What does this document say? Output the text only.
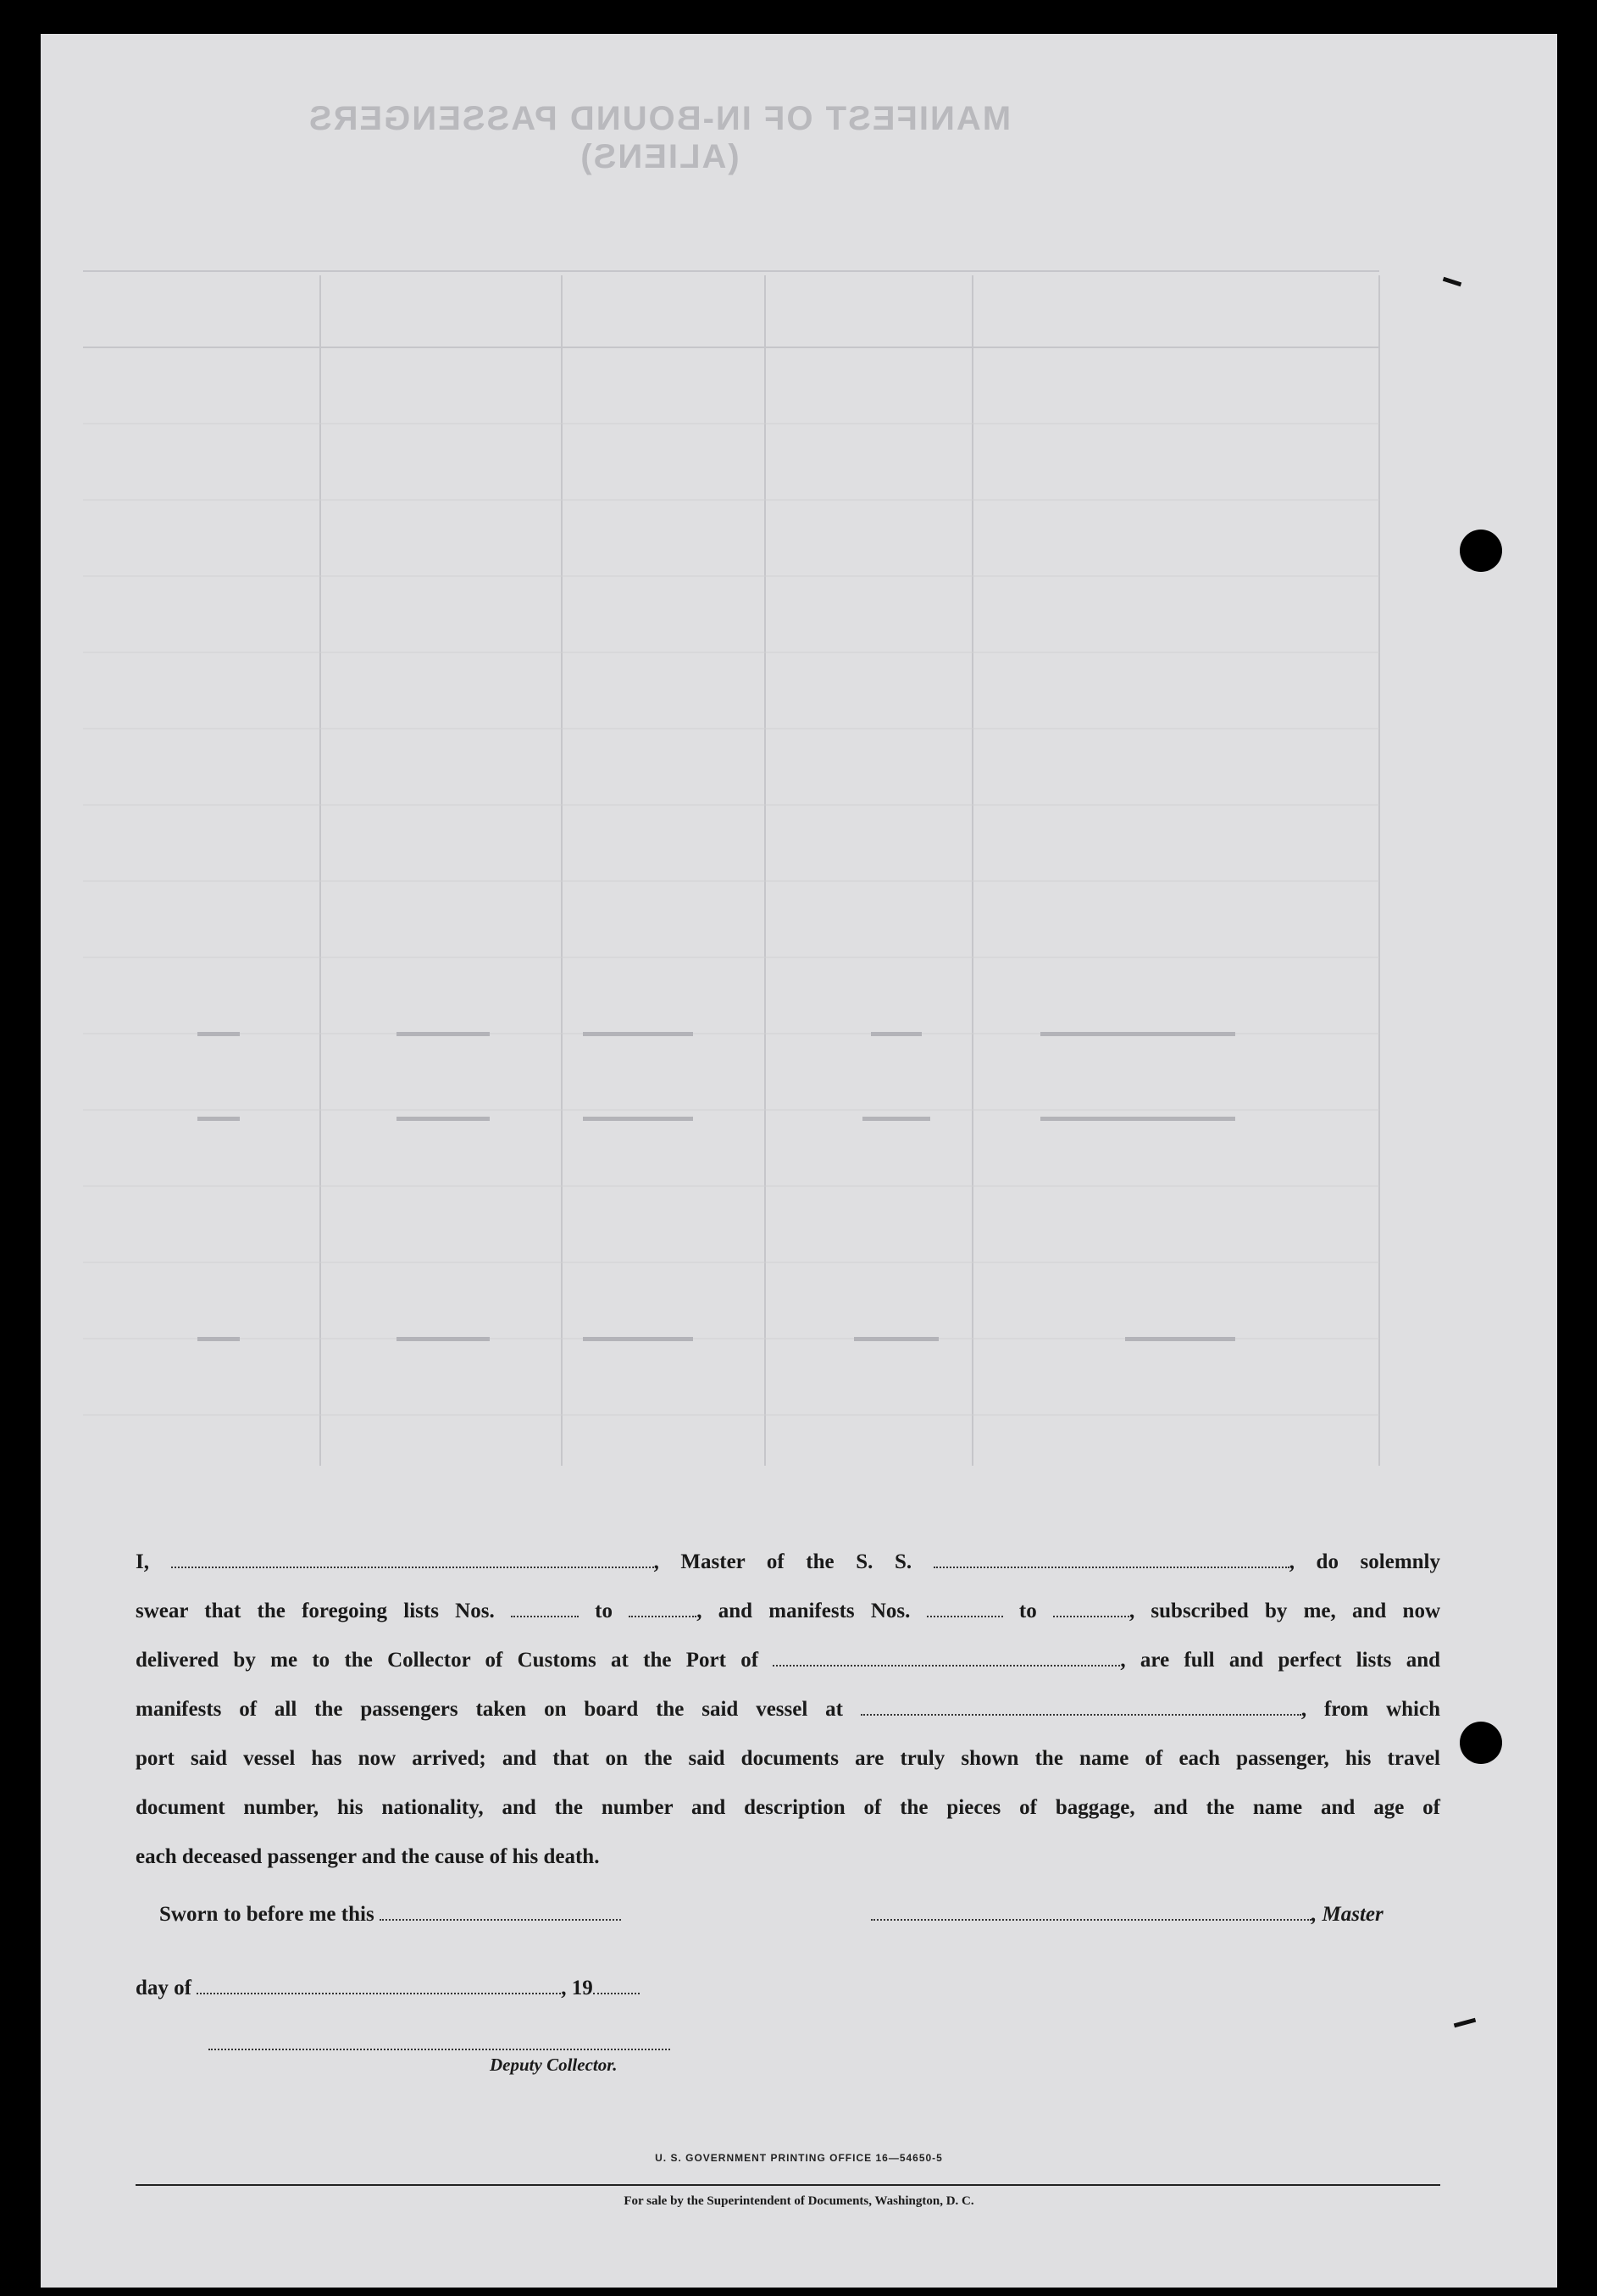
MANIFEST OF IN-BOUND PASSENGERS (ALIENS)

I,	, Master of the S. S.	, do solemnly

swear that the foregoing lists Nos.	to	, and manifests Nos.	to	, subscribed by me, and now

delivered by me to the Collector of Customs at the Port of	, are full and perfect lists and

manifests of all the passengers taken on board the said vessel at	, from which

port said vessel has now arrived; and that on the said documents are truly shown the name of each passenger, his travel

document number, his nationality, and the number and description of the pieces of baggage, and the name and age of

each deceased passenger and the cause of his death.

Sworn to before me this	, Master
day of	, 19
Deputy Collector.
U. S. GOVERNMENT PRINTING OFFICE 16—54650-5
For sale by the Superintendent of Documents, Washington, D. C.
